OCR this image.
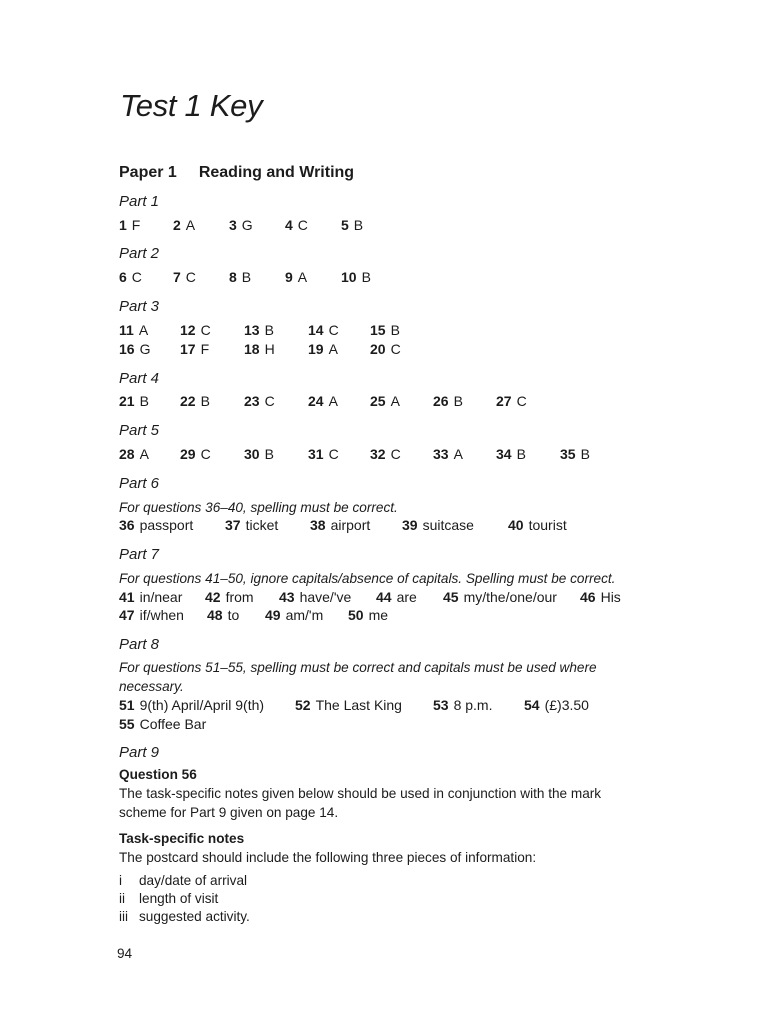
Test 1 Key
Paper 1 Reading and Writing
Part 1
1 F 2 A 3 G 4 C 5 B
Part 2
6 C 7 C 8 B 9 A 10 B
Part 3
11 A 12 C 13 B 14 C 15 B
16 G 17 F 18 H 19 A 20 C
Part 4
21 B 22 B 23 C 24 A 25 A 26 B 27 C
Part 5
28 A 29 C 30 B 31 C 32 C 33 A 34 B 35 B
Part 6
For questions 36–40, spelling must be correct.
36 passport 37 ticket 38 airport 39 suitcase 40 tourist
Part 7
For questions 41–50, ignore capitals/absence of capitals. Spelling must be correct.
41 in/near 42 from 43 have/'ve 44 are 45 my/the/one/our 46 His
47 if/when 48 to 49 am/'m 50 me
Part 8
For questions 51–55, spelling must be correct and capitals must be used where
necessary.
51 9(th) April/April 9(th) 52 The Last King 53 8 p.m. 54 (£)3.50
55 Coffee Bar
Part 9
Question 56
The task-specific notes given below should be used in conjunction with the mark
scheme for Part 9 given on page 14.
Task-specific notes
The postcard should include the following three pieces of information:
i day/date of arrival
ii length of visit
iii suggested activity.
94
